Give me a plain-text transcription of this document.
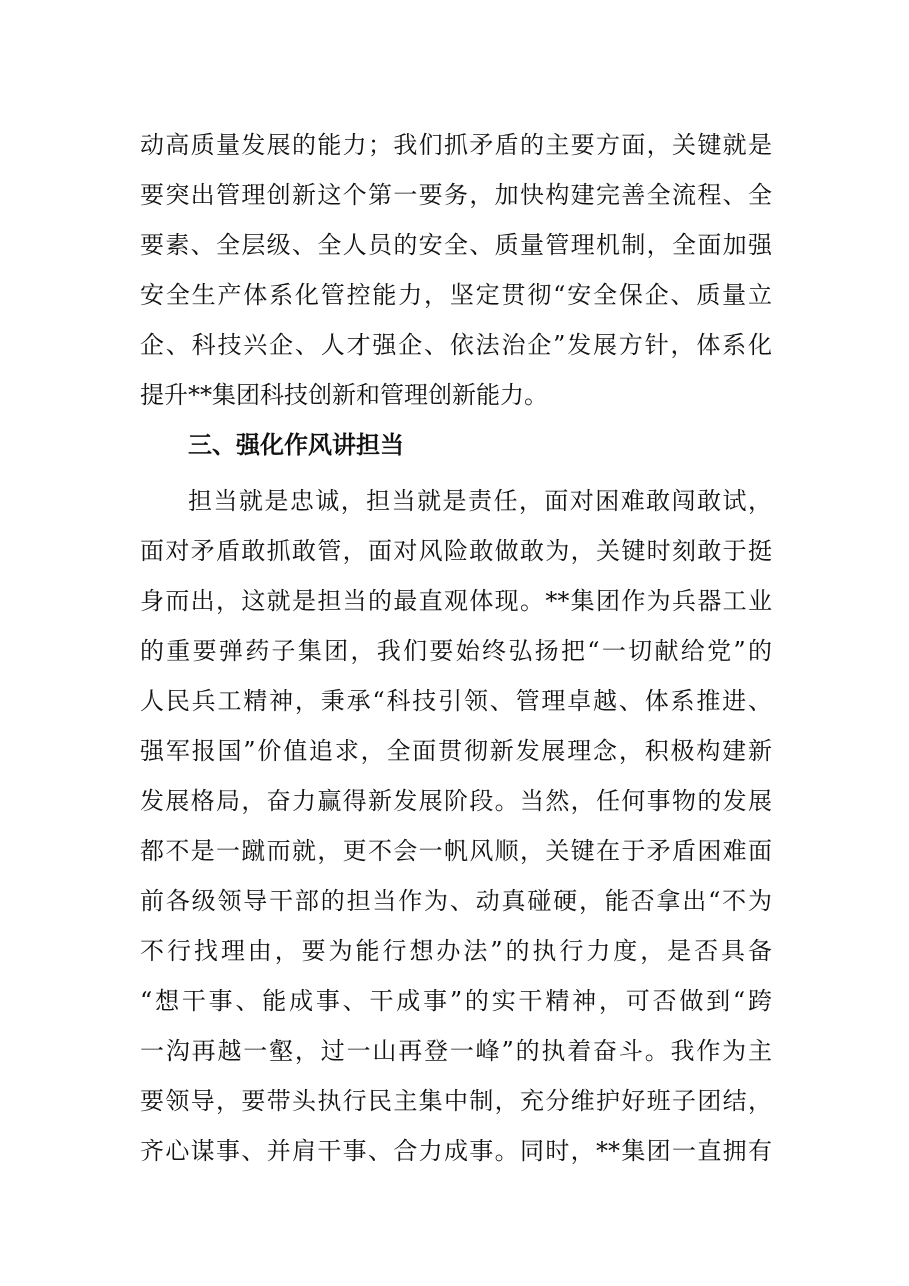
动高质量发展的能力；我们抓矛盾的主要方面，关键就是
要突出管理创新这个第一要务，加快构建完善全流程、全
要素、全层级、全人员的安全、质量管理机制，全面加强
安全生产体系化管控能力，坚定贯彻“安全保企、质量立
企、科技兴企、人才强企、依法治企”发展方针，体系化
提升**集团科技创新和管理创新能力。
三、强化作风讲担当
担当就是忠诚，担当就是责任，面对困难敢闯敢试，
面对矛盾敢抓敢管，面对风险敢做敢为，关键时刻敢于挺
身而出，这就是担当的最直观体现。**集团作为兵器工业
的重要弹药子集团，我们要始终弘扬把“一切献给党”的
人民兵工精神，秉承“科技引领、管理卓越、体系推进、
强军报国”价值追求，全面贯彻新发展理念，积极构建新
发展格局，奋力赢得新发展阶段。当然，任何事物的发展
都不是一蹴而就，更不会一帆风顺，关键在于矛盾困难面
前各级领导干部的担当作为、动真碰硬，能否拿出“不为
不行找理由，要为能行想办法”的执行力度，是否具备
“想干事、能成事、干成事”的实干精神，可否做到“跨
一沟再越一壑，过一山再登一峰”的执着奋斗。我作为主
要领导，要带头执行民主集中制，充分维护好班子团结，
齐心谋事、并肩干事、合力成事。同时，**集团一直拥有
